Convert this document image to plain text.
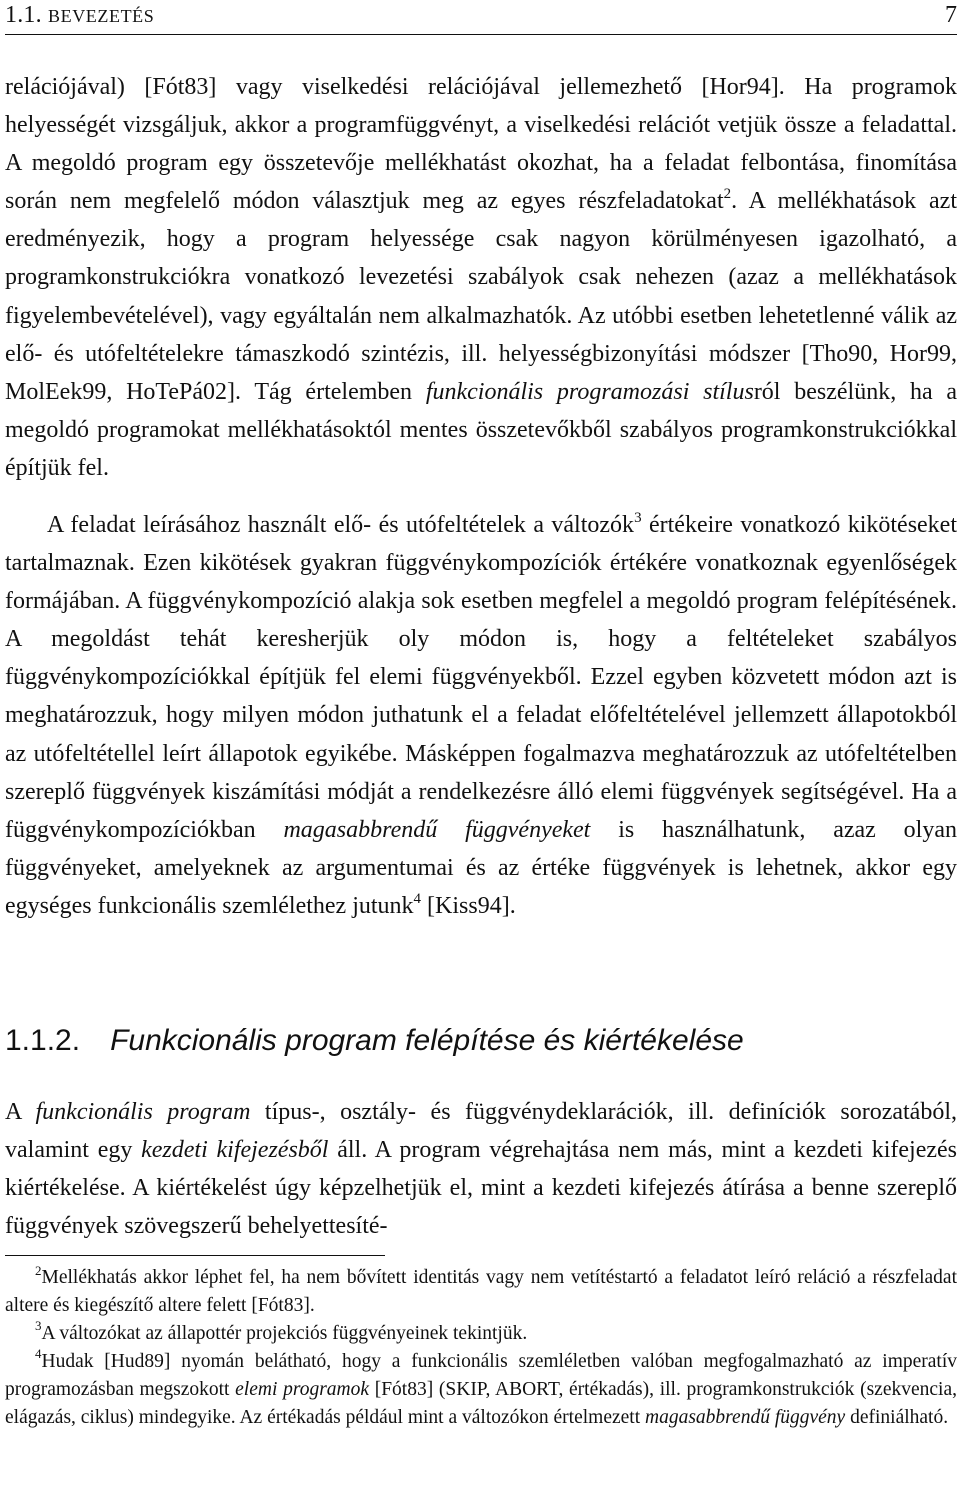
1.1. BEVEZETÉS	7

relációjával) [Fót83] vagy viselkedési relációjával jellemezhető [Hor94]. Ha programok helyességét vizsgáljuk, akkor a programfüggvényt, a viselkedési relációt vetjük össze a feladattal. A megoldó program egy összetevője mellékhatást okozhat, ha a feladat felbontása, finomítása során nem megfelelő módon választjuk meg az egyes részfeladatokat$^2$. A mellékhatások azt eredményezik, hogy a program helyessége csak nagyon körülményesen igazolható, a programkonstrukciókra vonatkozó levezetési szabályok csak nehezen (azaz a mellékhatások figyelembevételével), vagy egyáltalán nem alkalmazhatók. Az utóbbi esetben lehetetlenné válik az elő- és utófeltételekre támaszkodó szintézis, ill. helyességbizonyítási módszer [Tho90, Hor99, MolEek99, HoTePá02]. Tág értelemben funkcionális programozási stílusról beszélünk, ha a megoldó programokat mellékhatásoktól mentes összetevőkből szabályos programkonstrukciókkal építjük fel.

A feladat leírásához használt elő- és utófeltételek a változók$^3$ értékeire vonatkozó kikötéseket tartalmaznak. Ezen kikötések gyakran függvénykompozíciók értékére vonatkoznak egyenlőségek formájában. A függvénykompozíció alakja sok esetben megfelel a megoldó program felépítésének. A megoldást tehát keresherjük oly módon is, hogy a feltételeket szabályos függvénykompozíciókkal építjük fel elemi függvényekből. Ezzel egyben közvetett módon azt is meghatározzuk, hogy milyen módon juthatunk el a feladat előfeltételével jellemzett állapotokból az utófeltétellel leírt állapotok egyikébe. Másképpen fogalmazva meghatározzuk az utófeltételben szereplő függvények kiszámítási módját a rendelkezésre álló elemi függvények segítségével. Ha a függvénykompozíciókban magasabbrendű függvényeket is használhatunk, azaz olyan függvényeket, amelyeknek az argumentumai és az értéke függvények is lehetnek, akkor egy egységes funkcionális szemlélethez jutunk$^4$ [Kiss94].

1.1.2. Funkcionális program felépítése és kiértékelése

A funkcionális program típus-, osztály- és függvénydeklarációk, ill. definíciók sorozatából, valamint egy kezdeti kifejezésből áll. A program végrehajtása nem más, mint a kezdeti kifejezés kiértékelése. A kiértékelést úgy képzelhetjük el, mint a kezdeti kifejezés átírása a benne szereplő függvények szövegszerű behelyettesíté-

$^2$Mellékhatás akkor léphet fel, ha nem bővített identitás vagy nem vetítéstartó a feladatot leíró reláció a részfeladat altere és kiegészítő altere felett [Fót83].

$^3$A változókat az állapottér projekciós függvényeinek tekintjük.

$^4$Hudak [Hud89] nyomán belátható, hogy a funkcionális szemléletben valóban megfogalmazható az imperatív programozásban megszokott elemi programok [Fót83] (SKIP, ABORT, értékadás), ill. programkonstrukciók (szekvencia, elágazás, ciklus) mindegyike. Az értékadás például mint a változókon értelmezett magasabbrendű függvény definiálható.
